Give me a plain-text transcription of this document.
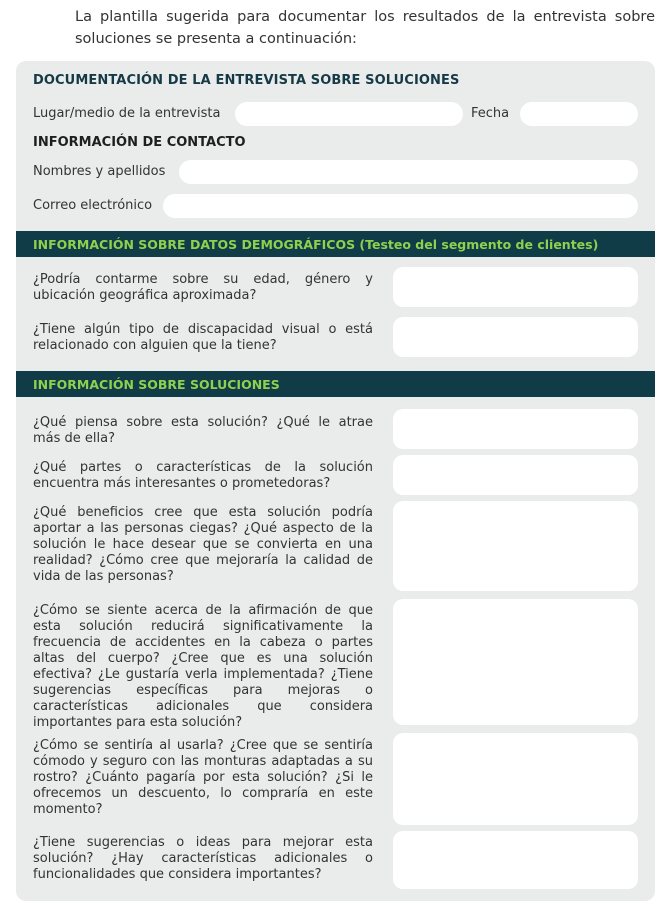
La plantilla sugerida para documentar los resultados de la entrevista sobre soluciones se presenta a continuación:

DOCUMENTACIÓN DE LA ENTREVISTA SOBRE SOLUCIONES
Lugar/medio de la entrevista	Fecha
INFORMACIÓN DE CONTACTO
Nombres y apellidos
Correo electrónico
INFORMACIÓN SOBRE DATOS DEMOGRÁFICOS (Testeo del segmento de clientes)

¿Podría contarme sobre su edad, género y ubicación geográfica aproximada?

¿Tiene algún tipo de discapacidad visual o está relacionado con alguien que la tiene?

INFORMACIÓN SOBRE SOLUCIONES

¿Qué piensa sobre esta solución? ¿Qué le atrae más de ella?

¿Qué partes o características de la solución encuentra más interesantes o prometedoras?

¿Qué beneficios cree que esta solución podría aportar a las personas ciegas? ¿Qué aspecto de la solución le hace desear que se convierta en una realidad? ¿Cómo cree que mejoraría la calidad de vida de las personas?

¿Cómo se siente acerca de la afirmación de que esta solución reducirá significativamente la frecuencia de accidentes en la cabeza o partes altas del cuerpo? ¿Cree que es una solución efectiva? ¿Le gustaría verla implementada? ¿Tiene sugerencias específicas para mejoras o características adicionales que considera importantes para esta solución?

¿Cómo se sentiría al usarla? ¿Cree que se sentiría cómodo y seguro con las monturas adaptadas a su rostro? ¿Cuánto pagaría por esta solución? ¿Si le ofrecemos un descuento, lo compraría en este momento?

¿Tiene sugerencias o ideas para mejorar esta solución? ¿Hay características adicionales o funcionalidades que considera importantes?
